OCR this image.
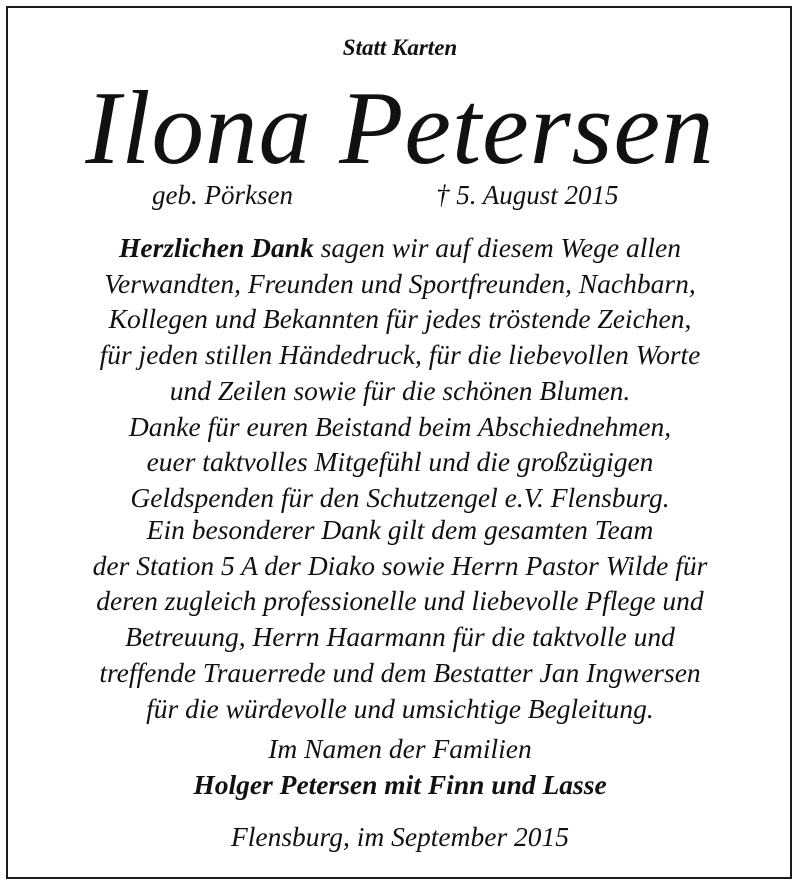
Statt Karten
Ilona Petersen
geb. Pörksen	† 5. August 2015
Herzlichen Dank sagen wir auf diesem Wege allen
Verwandten, Freunden und Sportfreunden, Nachbarn,
Kollegen und Bekannten für jedes tröstende Zeichen,
für jeden stillen Händedruck, für die liebevollen Worte
und Zeilen sowie für die schönen Blumen.
Danke für euren Beistand beim Abschiednehmen,
euer taktvolles Mitgefühl und die großzügigen
Geldspenden für den Schutzengel e.V. Flensburg.
Ein besonderer Dank gilt dem gesamten Team
der Station 5 A der Diako sowie Herrn Pastor Wilde für
deren zugleich professionelle und liebevolle Pflege und
Betreuung, Herrn Haarmann für die taktvolle und
treffende Trauerrede und dem Bestatter Jan Ingwersen
für die würdevolle und umsichtige Begleitung.
Im Namen der Familien
Holger Petersen mit Finn und Lasse
Flensburg, im September 2015
